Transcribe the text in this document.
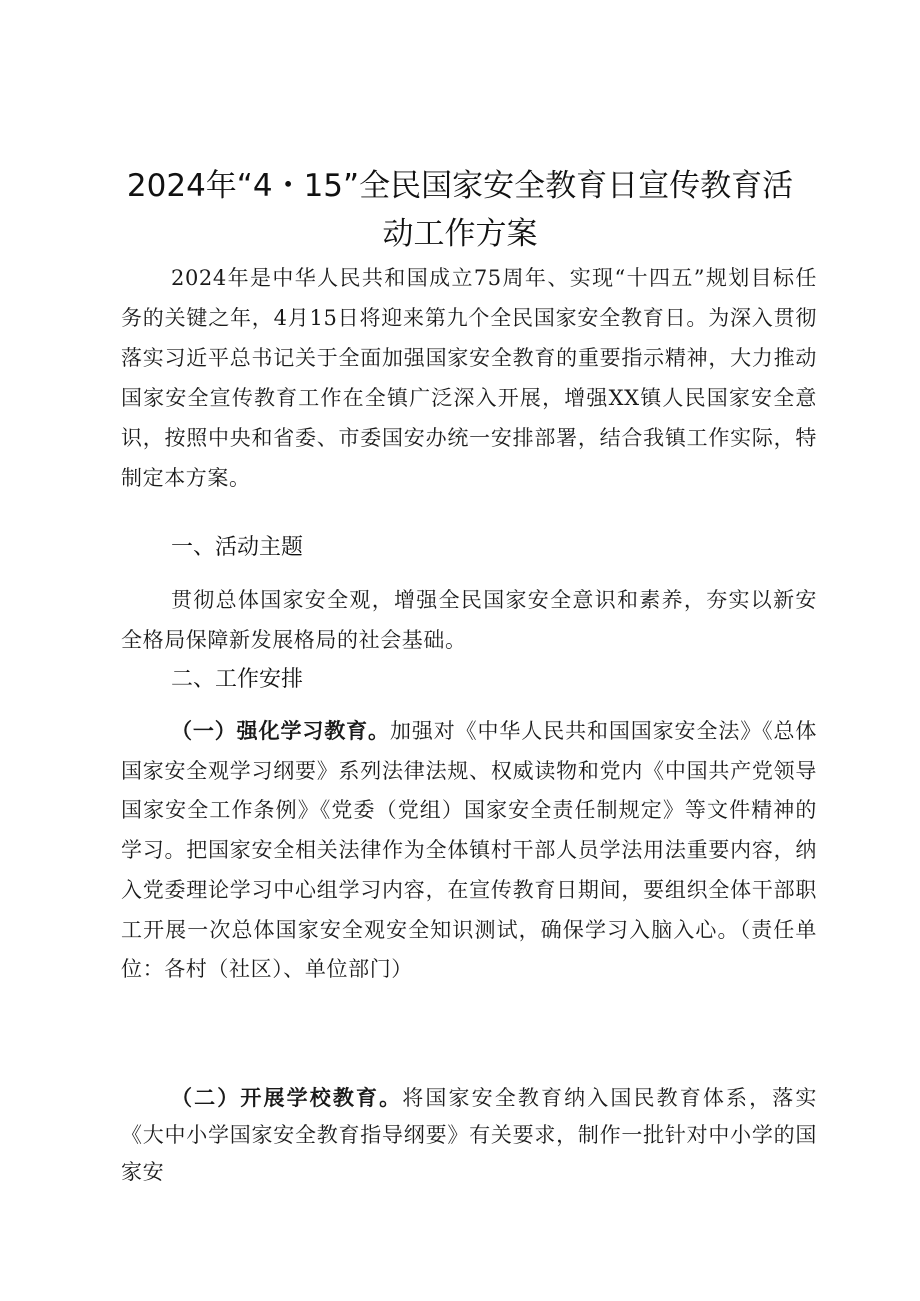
2024年“4・15”全民国家安全教育日宣传教育活
动工作方案
2024年是中华人民共和国成立75周年、实现“十四五”规划目标任务的关键之年，4月15日将迎来第九个全民国家安全教育日。为深入贯彻落实习近平总书记关于全面加强国家安全教育的重要指示精神，大力推动国家安全宣传教育工作在全镇广泛深入开展，增强XX镇人民国家安全意识，按照中央和省委、市委国安办统一安排部署，结合我镇工作实际，特制定本方案。
一、活动主题
贯彻总体国家安全观，增强全民国家安全意识和素养，夯实以新安全格局保障新发展格局的社会基础。
二、工作安排
（一）强化学习教育。加强对《中华人民共和国国家安全法》《总体国家安全观学习纲要》系列法律法规、权威读物和党内《中国共产党领导国家安全工作条例》《党委（党组）国家安全责任制规定》等文件精神的学习。把国家安全相关法律作为全体镇村干部人员学法用法重要内容，纳入党委理论学习中心组学习内容，在宣传教育日期间，要组织全体干部职工开展一次总体国家安全观安全知识测试，确保学习入脑入心。（责任单位：各村（社区）、单位部门）
（二）开展学校教育。将国家安全教育纳入国民教育体系，落实《大中小学国家安全教育指导纲要》有关要求，制作一批针对中小学的国家安
